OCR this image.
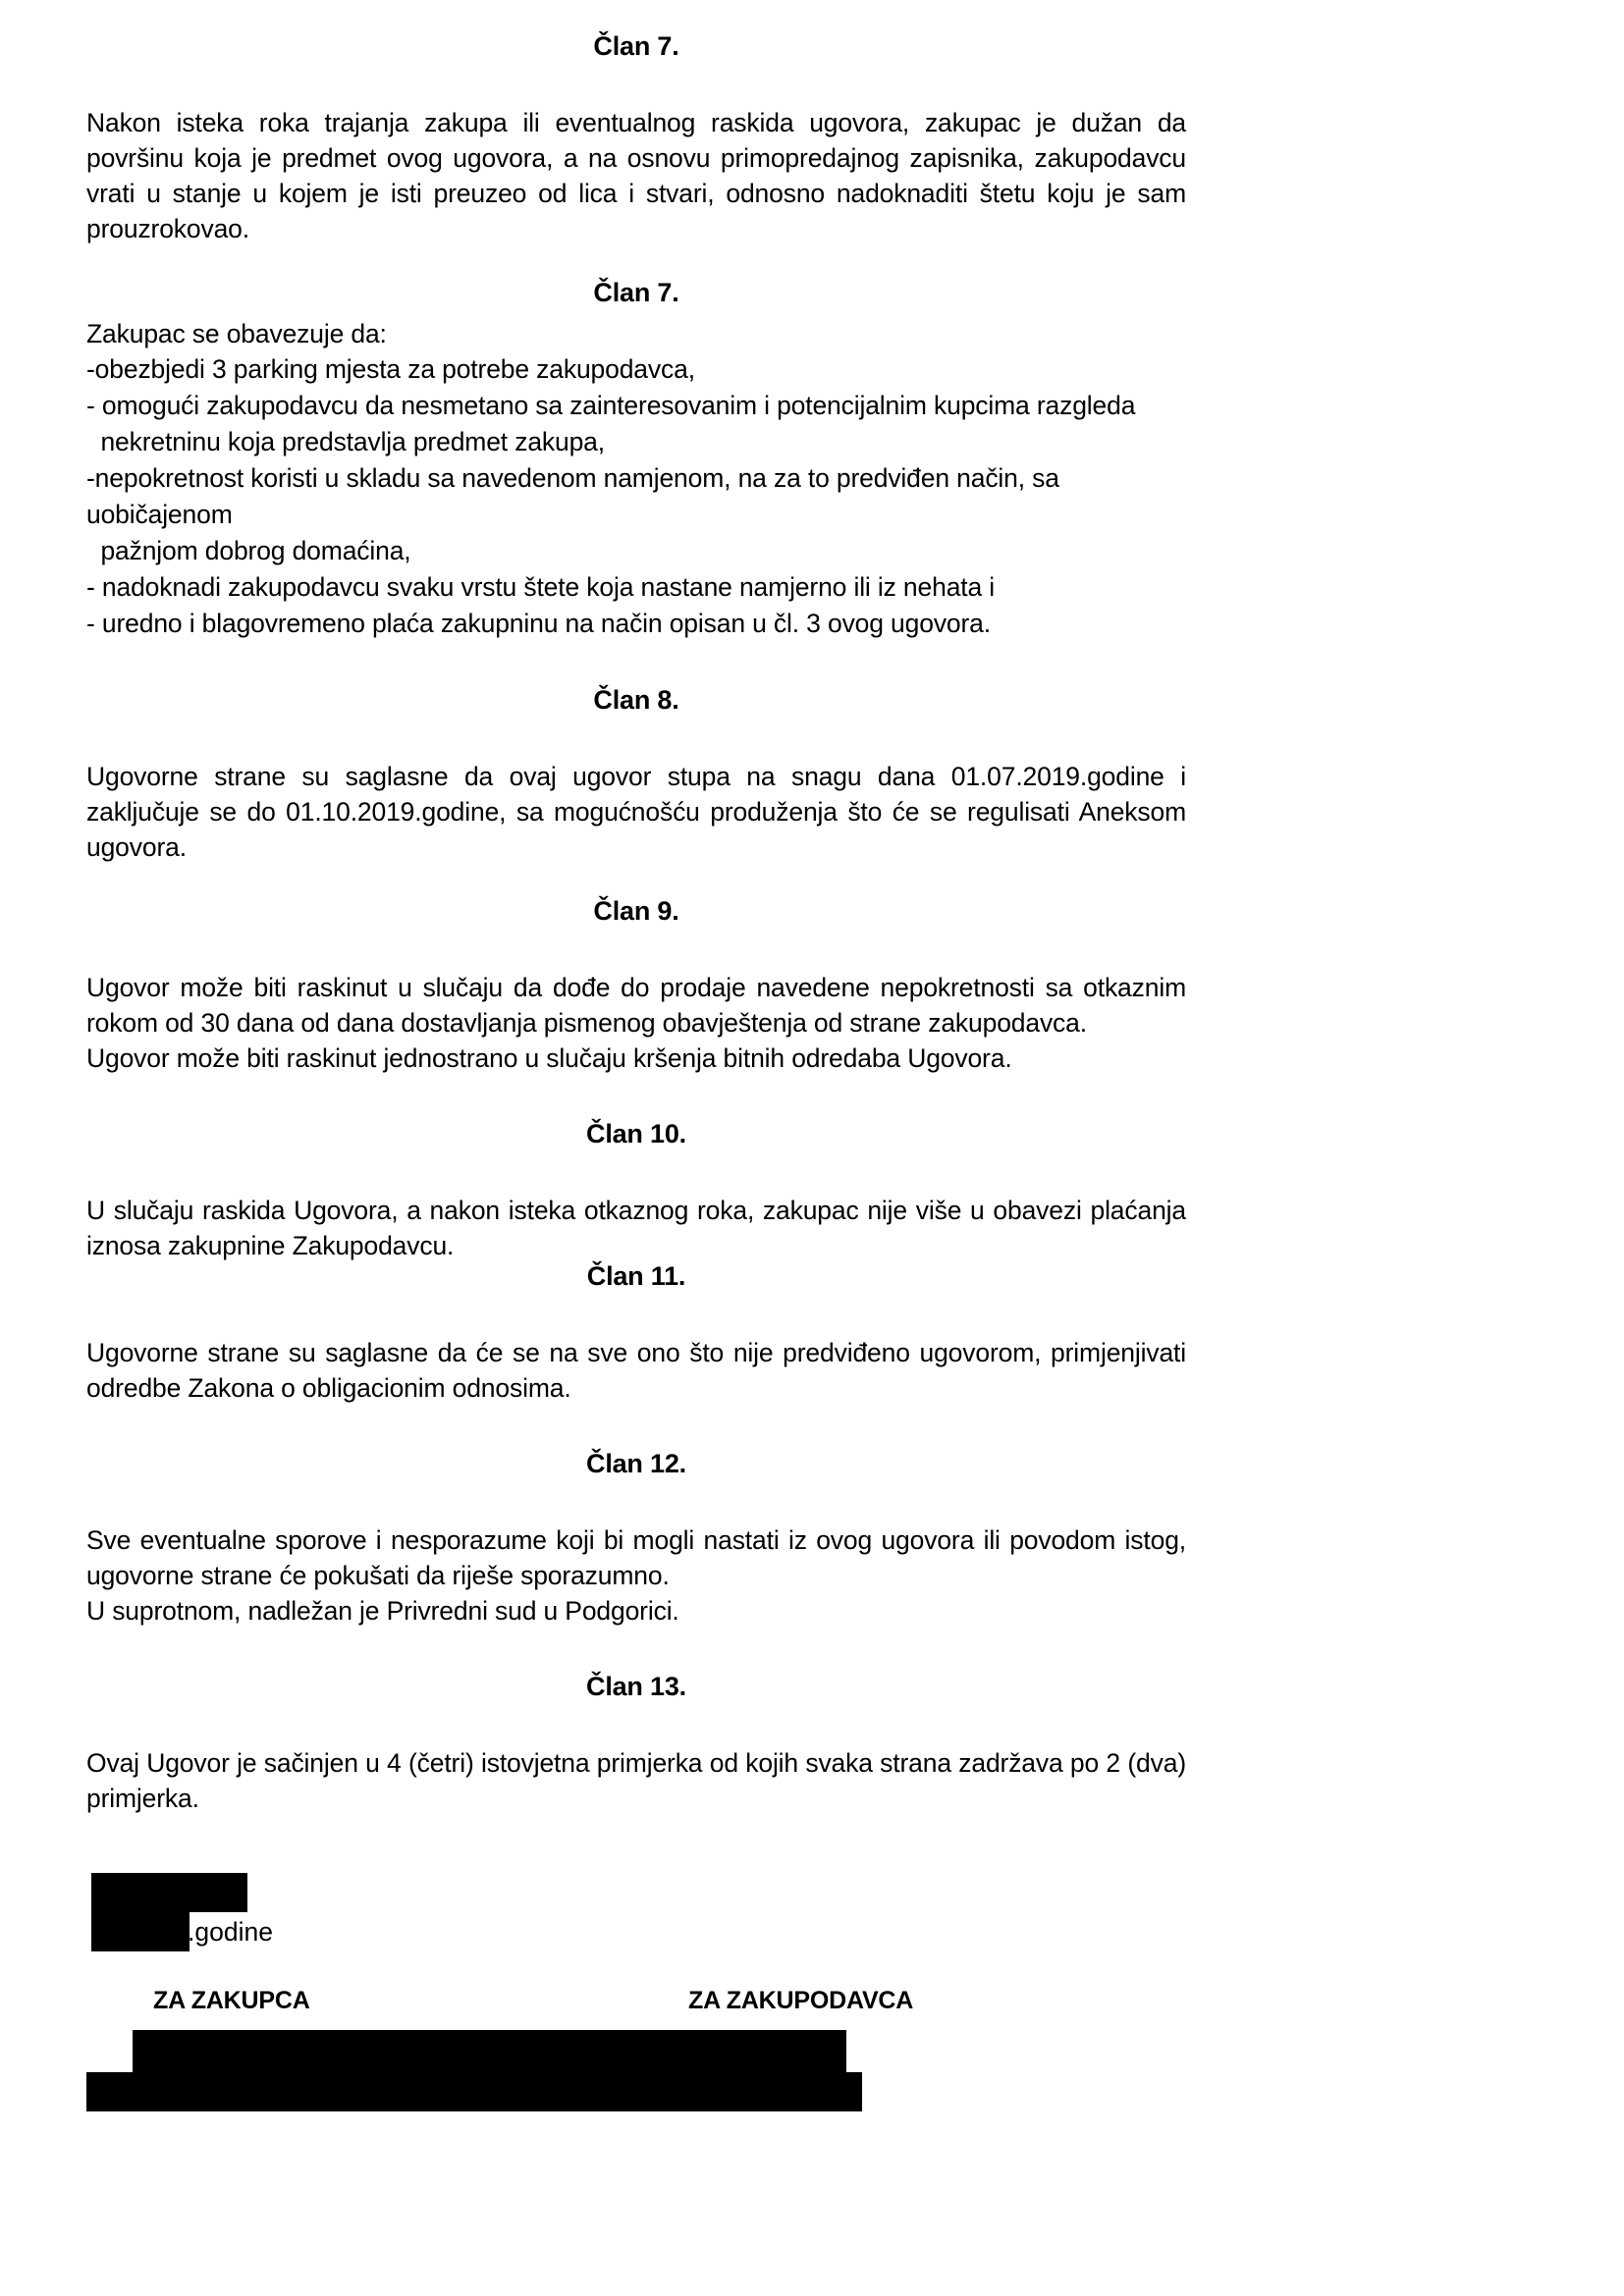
Član 7.
Nakon isteka roka trajanja zakupa ili eventualnog raskida ugovora, zakupac je dužan da površinu koja je predmet ovog ugovora, a na osnovu primopredajnog zapisnika, zakupodavcu vrati u stanje u kojem je isti preuzeo od lica i stvari, odnosno nadoknaditi štetu koju je sam prouzrokovao.
Član 7.
Zakupac se obavezuje da:
-obezbjedi 3 parking mjesta za potrebe zakupodavca,
- omogući zakupodavcu da nesmetano sa zainteresovanim i potencijalnim kupcima razgleda
nekretninu koja predstavlja predmet zakupa,
-nepokretnost koristi u skladu sa navedenom namjenom, na za to predviđen način, sa uobičajenom
pažnjom dobrog domaćina,
- nadoknadi zakupodavcu svaku vrstu štete koja nastane namjerno ili iz nehata i
- uredno i blagovremeno plaća zakupninu na način opisan u čl. 3 ovog ugovora.
Član 8.
Ugovorne strane su saglasne da ovaj ugovor stupa na snagu dana 01.07.2019.godine i zaključuje se do 01.10.2019.godine, sa mogućnošću produženja što će se regulisati Aneksom ugovora.
Član 9.
Ugovor može biti raskinut u slučaju da dođe do prodaje navedene nepokretnosti sa otkaznim rokom od 30 dana od dana dostavljanja pismenog obavještenja od strane zakupodavca.
Ugovor može biti raskinut jednostrano u slučaju kršenja bitnih odredaba Ugovora.
Član 10.
U slučaju raskida Ugovora, a nakon isteka otkaznog roka, zakupac nije više u obavezi plaćanja iznosa zakupnine Zakupodavcu.
Član 11.
Ugovorne strane su saglasne da će se na sve ono što nije predviđeno ugovorom, primjenjivati odredbe Zakona o obligacionim odnosima.
Član 12.
Sve eventualne sporove i nesporazume koji bi mogli nastati iz ovog ugovora ili povodom istog, ugovorne strane će pokušati da riješe sporazumno.
U suprotnom, nadležan je Privredni sud u Podgorici.
Član 13.
Ovaj Ugovor je sačinjen u 4 (četri) istovjetna primjerka od kojih svaka strana zadržava po 2 (dva) primjerka.
.godine
ZA ZAKUPCA	ZA ZAKUPODAVCA
